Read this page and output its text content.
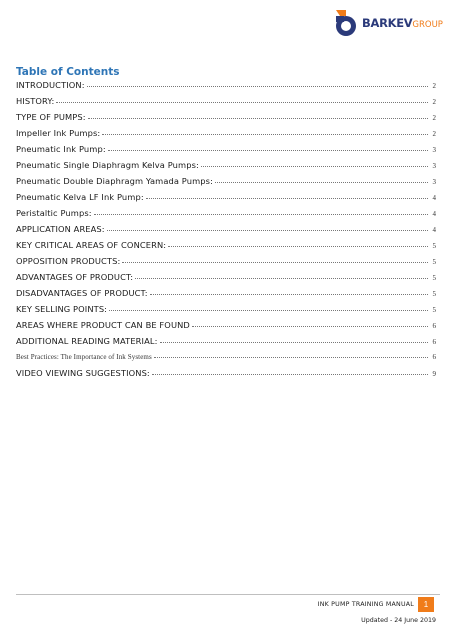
BARKEVGROUP
Table of Contents
INTRODUCTION:	2
HISTORY:	2
TYPE OF PUMPS:	2
Impeller Ink Pumps:	2
Pneumatic Ink Pump:	3
Pneumatic Single Diaphragm Kelva Pumps:	3
Pneumatic Double Diaphragm Yamada Pumps:	3
Pneumatic Kelva LF Ink Pump:	4
Peristaltic Pumps:	4
APPLICATION AREAS:	4
KEY CRITICAL AREAS OF CONCERN:	5
OPPOSITION PRODUCTS:	5
ADVANTAGES OF PRODUCT:	5
DISADVANTAGES OF PRODUCT:	5
KEY SELLING POINTS:	5
AREAS WHERE PRODUCT CAN BE FOUND	6
ADDITIONAL READING MATERIAL:	6
Best Practices: The Importance of Ink Systems	6
VIDEO VIEWING SUGGESTIONS:	9
INK PUMP TRAINING MANUAL	1
Updated - 24 June 2019
